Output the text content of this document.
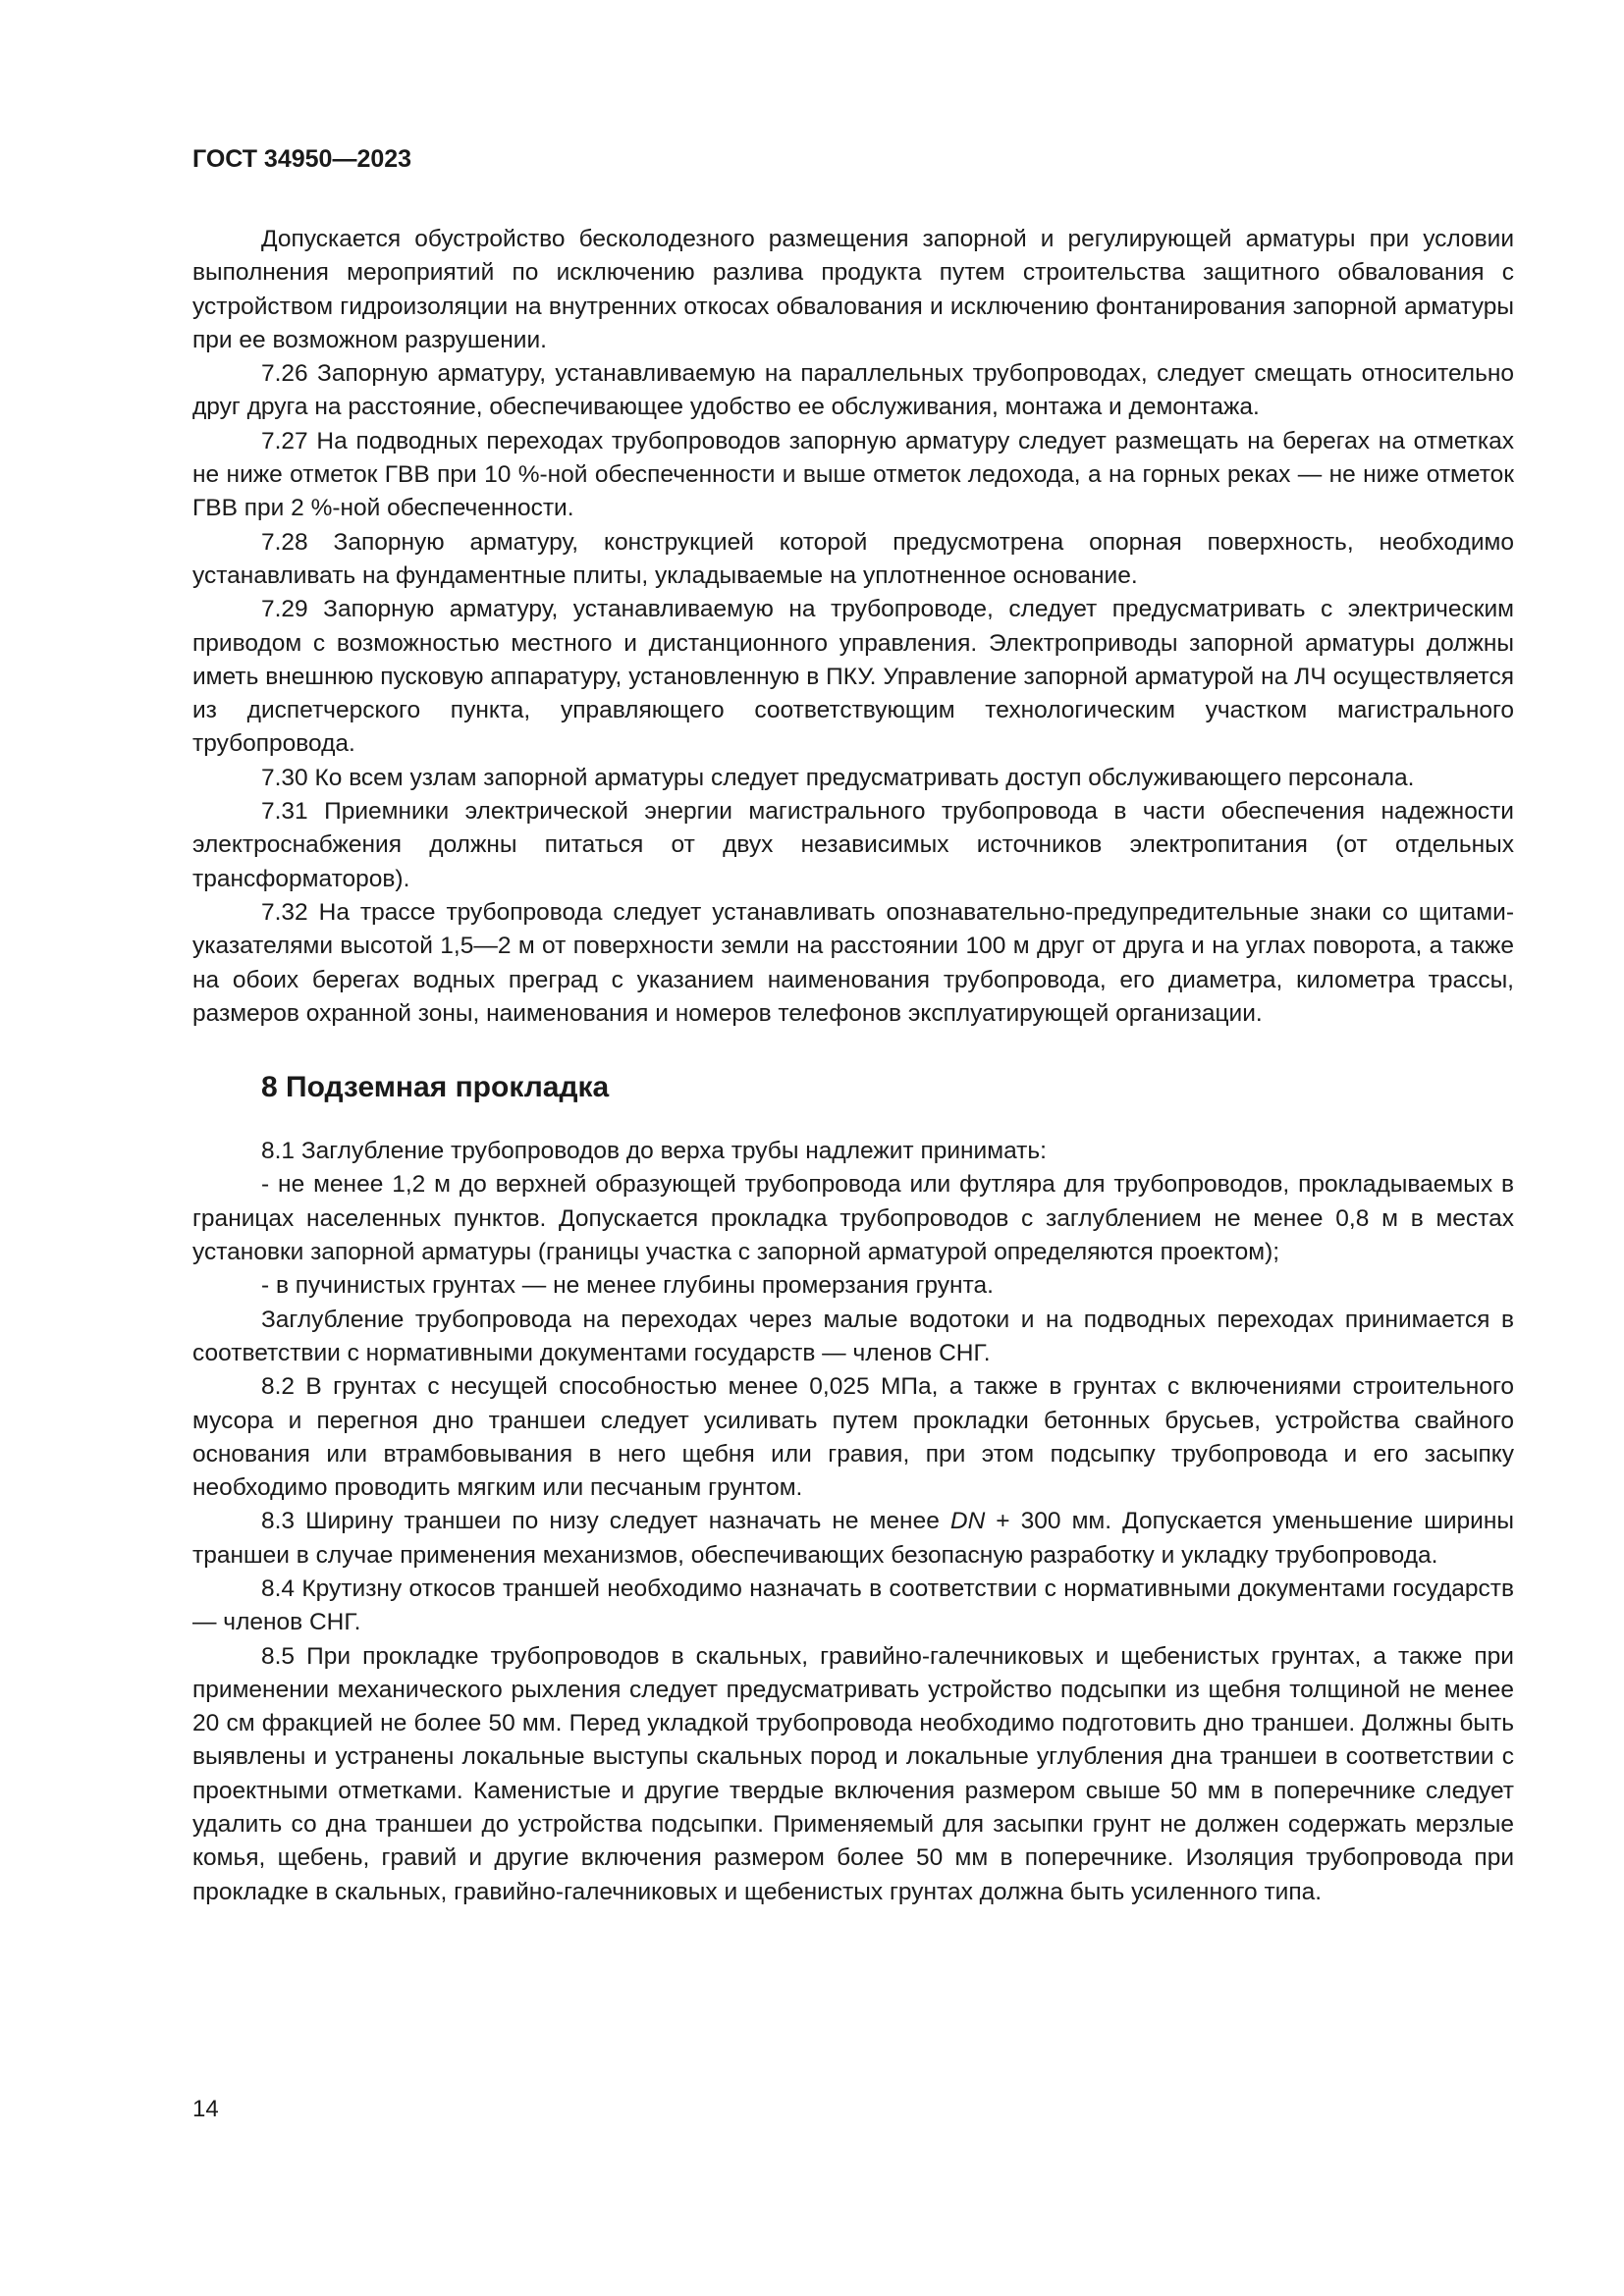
ГОСТ 34950—2023

Допускается обустройство бесколодезного размещения запорной и регулирующей арматуры при условии выполнения мероприятий по исключению разлива продукта путем строительства защитного обвалования с устройством гидроизоляции на внутренних откосах обвалования и исключению фонтанирования запорной арматуры при ее возможном разрушении.

7.26 Запорную арматуру, устанавливаемую на параллельных трубопроводах, следует смещать относительно друг друга на расстояние, обеспечивающее удобство ее обслуживания, монтажа и демонтажа.

7.27 На подводных переходах трубопроводов запорную арматуру следует размещать на берегах на отметках не ниже отметок ГВВ при 10 %-ной обеспеченности и выше отметок ледохода, а на горных реках — не ниже отметок ГВВ при 2 %-ной обеспеченности.

7.28 Запорную арматуру, конструкцией которой предусмотрена опорная поверхность, необходимо устанавливать на фундаментные плиты, укладываемые на уплотненное основание.

7.29 Запорную арматуру, устанавливаемую на трубопроводе, следует предусматривать с электрическим приводом с возможностью местного и дистанционного управления. Электроприводы запорной арматуры должны иметь внешнюю пусковую аппаратуру, установленную в ПКУ. Управление запорной арматурой на ЛЧ осуществляется из диспетчерского пункта, управляющего соответствующим технологическим участком магистрального трубопровода.

7.30 Ко всем узлам запорной арматуры следует предусматривать доступ обслуживающего персонала.

7.31 Приемники электрической энергии магистрального трубопровода в части обеспечения надежности электроснабжения должны питаться от двух независимых источников электропитания (от отдельных трансформаторов).

7.32 На трассе трубопровода следует устанавливать опознавательно-предупредительные знаки со щитами-указателями высотой 1,5—2 м от поверхности земли на расстоянии 100 м друг от друга и на углах поворота, а также на обоих берегах водных преград с указанием наименования трубопровода, его диаметра, километра трассы, размеров охранной зоны, наименования и номеров телефонов эксплуатирующей организации.

8 Подземная прокладка

8.1 Заглубление трубопроводов до верха трубы надлежит принимать:

- не менее 1,2 м до верхней образующей трубопровода или футляра для трубопроводов, прокладываемых в границах населенных пунктов. Допускается прокладка трубопроводов с заглублением не менее 0,8 м в местах установки запорной арматуры (границы участка с запорной арматурой определяются проектом);

- в пучинистых грунтах — не менее глубины промерзания грунта.

Заглубление трубопровода на переходах через малые водотоки и на подводных переходах принимается в соответствии с нормативными документами государств — членов СНГ.

8.2 В грунтах с несущей способностью менее 0,025 МПа, а также в грунтах с включениями строительного мусора и перегноя дно траншеи следует усиливать путем прокладки бетонных брусьев, устройства свайного основания или втрамбовывания в него щебня или гравия, при этом подсыпку трубопровода и его засыпку необходимо проводить мягким или песчаным грунтом.

8.3 Ширину траншеи по низу следует назначать не менее DN + 300 мм. Допускается уменьшение ширины траншеи в случае применения механизмов, обеспечивающих безопасную разработку и укладку трубопровода.

8.4 Крутизну откосов траншей необходимо назначать в соответствии с нормативными документами государств — членов СНГ.

8.5 При прокладке трубопроводов в скальных, гравийно-галечниковых и щебенистых грунтах, а также при применении механического рыхления следует предусматривать устройство подсыпки из щебня толщиной не менее 20 см фракцией не более 50 мм. Перед укладкой трубопровода необходимо подготовить дно траншеи. Должны быть выявлены и устранены локальные выступы скальных пород и локальные углубления дна траншеи в соответствии с проектными отметками. Каменистые и другие твердые включения размером свыше 50 мм в поперечнике следует удалить со дна траншеи до устройства подсыпки. Применяемый для засыпки грунт не должен содержать мерзлые комья, щебень, гравий и другие включения размером более 50 мм в поперечнике. Изоляция трубопровода при прокладке в скальных, гравийно-галечниковых и щебенистых грунтах должна быть усиленного типа.

14
